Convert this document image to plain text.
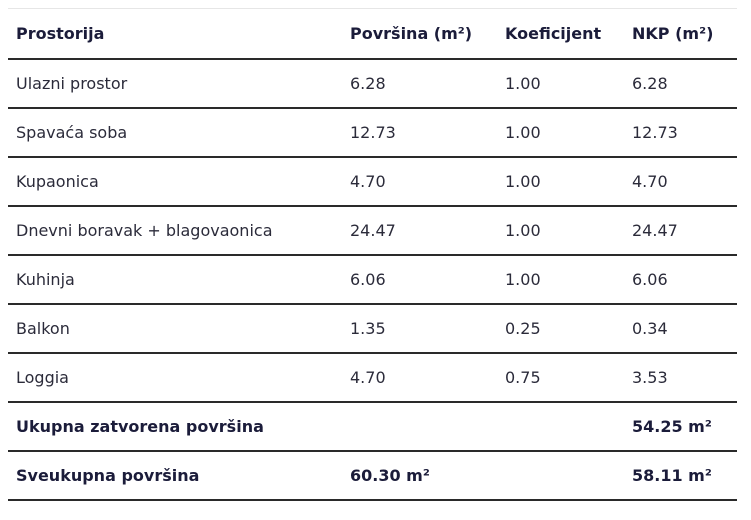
Prostorija	Površina (m²)	Koeficijent	NKP (m²)
Ulazni prostor	6.28	1.00	6.28
Spavaća soba	12.73	1.00	12.73
Kupaonica	4.70	1.00	4.70
Dnevni boravak + blagovaonica	24.47	1.00	24.47
Kuhinja	6.06	1.00	6.06
Balkon	1.35	0.25	0.34
Loggia	4.70	0.75	3.53
Ukupna zatvorena površina			54.25 m²
Sveukupna površina	60.30 m²		58.11 m²
